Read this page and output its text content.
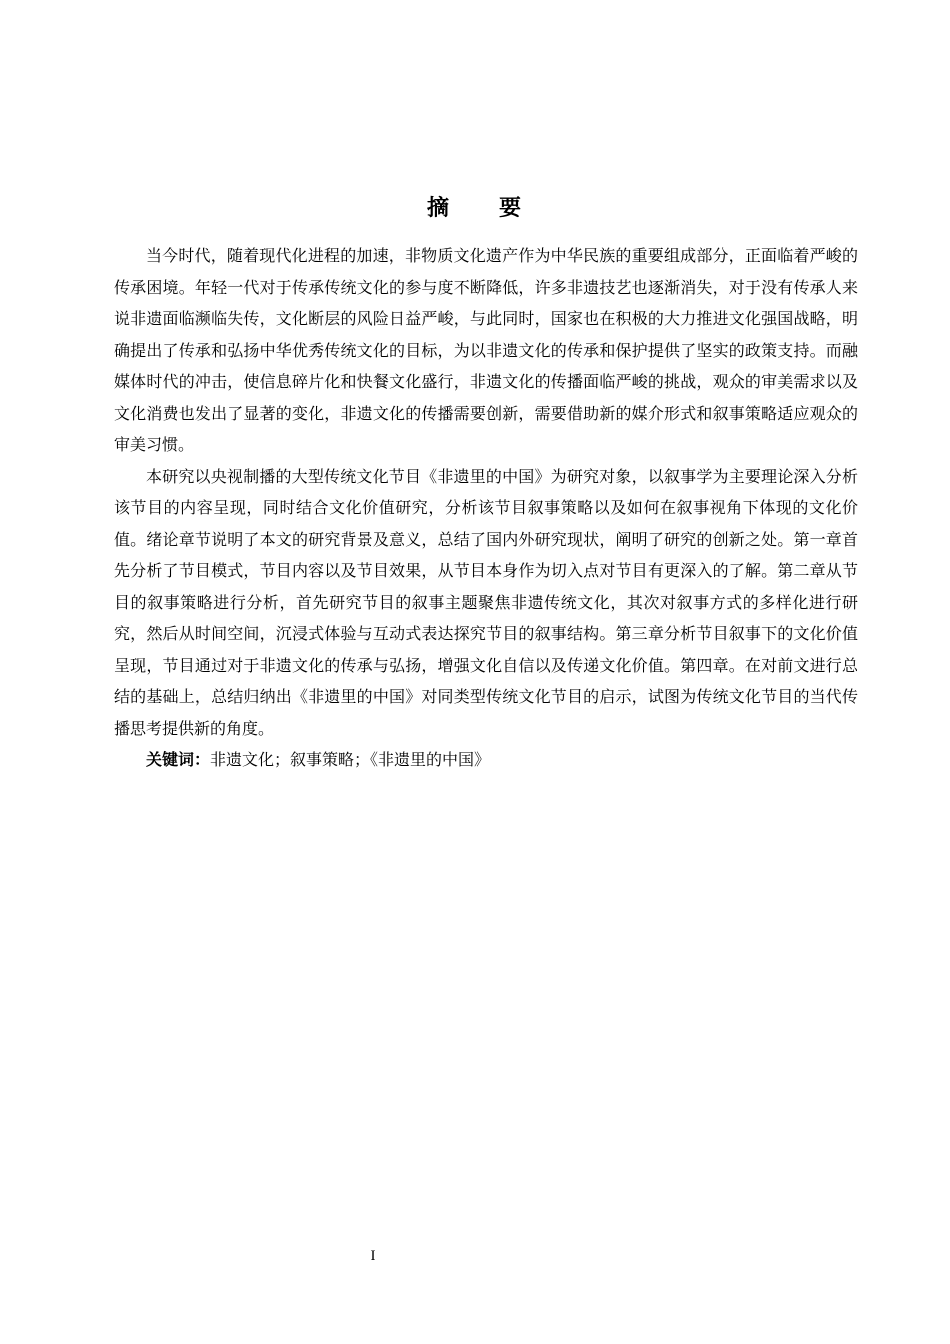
摘 要

当今时代，随着现代化进程的加速，非物质文化遗产作为中华民族的重要组成部分，正面临着严峻的传承困境。年轻一代对于传承传统文化的参与度不断降低，许多非遗技艺也逐渐消失，对于没有传承人来说非遗面临濒临失传，文化断层的风险日益严峻，与此同时，国家也在积极的大力推进文化强国战略，明确提出了传承和弘扬中华优秀传统文化的目标，为以非遗文化的传承和保护提供了坚实的政策支持。而融媒体时代的冲击，使信息碎片化和快餐文化盛行，非遗文化的传播面临严峻的挑战，观众的审美需求以及文化消费也发出了显著的变化，非遗文化的传播需要创新，需要借助新的媒介形式和叙事策略适应观众的审美习惯。

本研究以央视制播的大型传统文化节目《非遗里的中国》为研究对象，以叙事学为主要理论深入分析该节目的内容呈现，同时结合文化价值研究，分析该节目叙事策略以及如何在叙事视角下体现的文化价值。绪论章节说明了本文的研究背景及意义，总结了国内外研究现状，阐明了研究的创新之处。第一章首先分析了节目模式，节目内容以及节目效果，从节目本身作为切入点对节目有更深入的了解。第二章从节目的叙事策略进行分析，首先研究节目的叙事主题聚焦非遗传统文化，其次对叙事方式的多样化进行研究，然后从时间空间，沉浸式体验与互动式表达探究节目的叙事结构。第三章分析节目叙事下的文化价值呈现，节目通过对于非遗文化的传承与弘扬，增强文化自信以及传递文化价值。第四章。在对前文进行总结的基础上，总结归纳出《非遗里的中国》对同类型传统文化节目的启示，试图为传统文化节目的当代传播思考提供新的角度。

关键词：非遗文化；叙事策略；《非遗里的中国》

I
